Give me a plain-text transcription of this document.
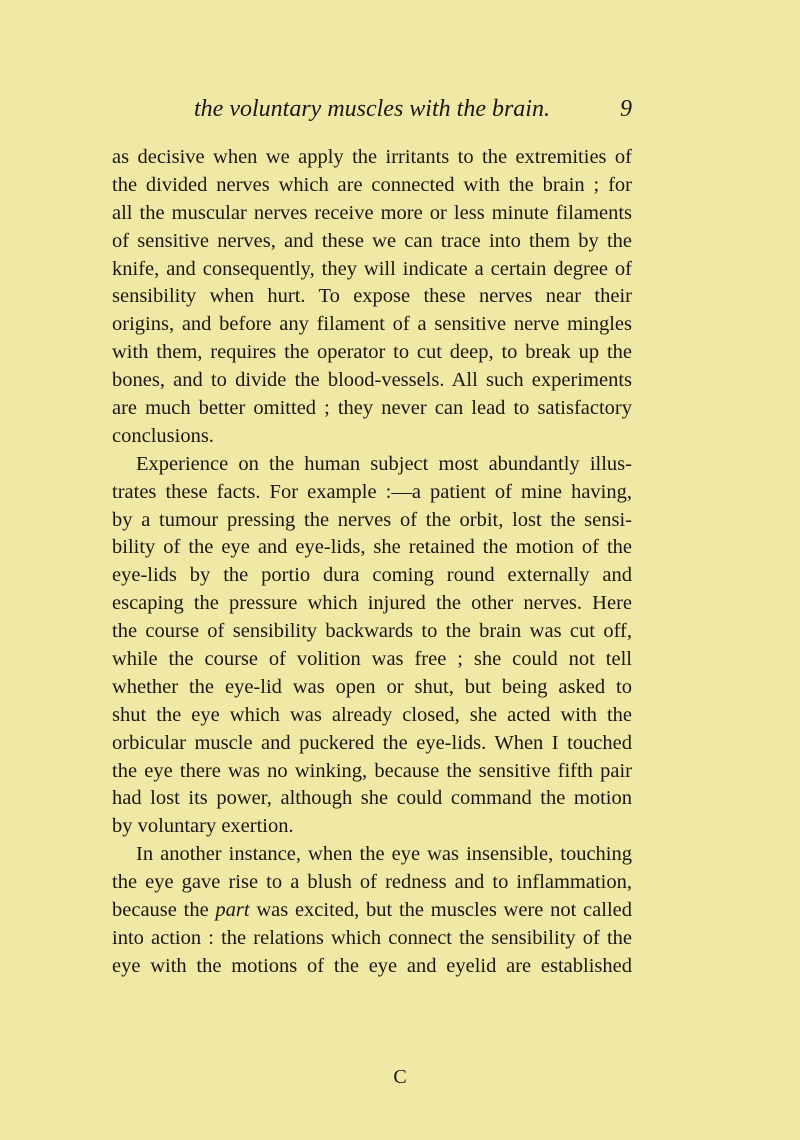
the voluntary muscles with the brain.	9
as decisive when we apply the irritants to the extremities of
the divided nerves which are connected with the brain ; for
all the muscular nerves receive more or less minute filaments
of sensitive nerves, and these we can trace into them by the
knife, and consequently, they will indicate a certain degree of
sensibility when hurt. To expose these nerves near their
origins, and before any filament of a sensitive nerve mingles
with them, requires the operator to cut deep, to break up the
bones, and to divide the blood-vessels. All such experiments
are much better omitted ; they never can lead to satisfactory
conclusions.
Experience on the human subject most abundantly illus-
trates these facts. For example :—a patient of mine having,
by a tumour pressing the nerves of the orbit, lost the sensi-
bility of the eye and eye-lids, she retained the motion of the
eye-lids by the portio dura coming round externally and
escaping the pressure which injured the other nerves. Here
the course of sensibility backwards to the brain was cut off,
while the course of volition was free ; she could not tell
whether the eye-lid was open or shut, but being asked to
shut the eye which was already closed, she acted with the
orbicular muscle and puckered the eye-lids. When I touched
the eye there was no winking, because the sensitive fifth pair
had lost its power, although she could command the motion
by voluntary exertion.
In another instance, when the eye was insensible, touching
the eye gave rise to a blush of redness and to inflammation,
because the part was excited, but the muscles were not called
into action : the relations which connect the sensibility of the
eye with the motions of the eye and eyelid are established
C
